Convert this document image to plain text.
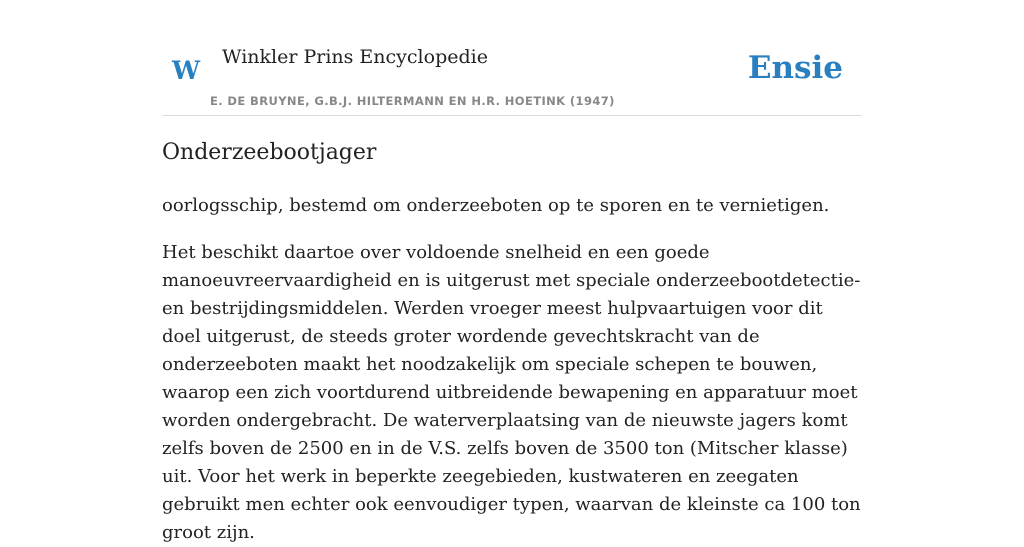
W Winkler Prins Encyclopedie
E. DE BRUYNE, G.B.J. HILTERMANN EN H.R. HOETINK (1947)
Ensie
Onderzeebootjager

oorlogsschip, bestemd om onderzeeboten op te sporen en te vernietigen.

Het beschikt daartoe over voldoende snelheid en een goede manoeuvreervaardigheid en is uitgerust met speciale onderzeebootdetectie- en bestrijdingsmiddelen. Werden vroeger meest hulpvaartuigen voor dit doel uitgerust, de steeds groter wordende gevechtskracht van de onderzeeboten maakt het noodzakelijk om speciale schepen te bouwen, waarop een zich voortdurend uitbreidende bewapening en apparatuur moet worden ondergebracht. De waterverplaatsing van de nieuwste jagers komt zelfs boven de 2500 en in de V.S. zelfs boven de 3500 ton (Mitscher klasse) uit. Voor het werk in beperkte zeegebieden, kustwateren en zeegaten gebruikt men echter ook eenvoudiger typen, waarvan de kleinste ca 100 ton groot zijn.
